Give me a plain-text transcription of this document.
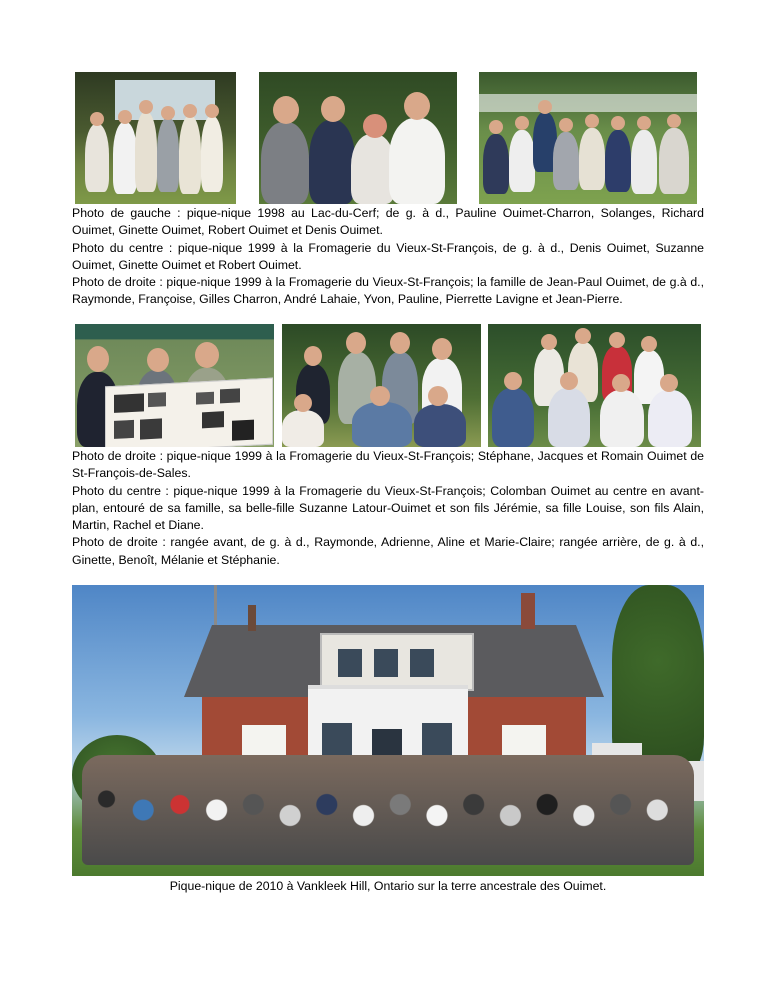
Photo de gauche : pique-nique 1998 au Lac-du-Cerf; de g. à d., Pauline Ouimet-Charron, Solanges, Richard Ouimet, Ginette Ouimet, Robert Ouimet et Denis Ouimet.

Photo du centre : pique-nique 1999 à la Fromagerie du Vieux-St-François, de g. à d., Denis Ouimet, Suzanne Ouimet, Ginette Ouimet et Robert Ouimet.

Photo de droite : pique-nique 1999 à la Fromagerie du Vieux-St-François; la famille de Jean-Paul Ouimet, de g.à d., Raymonde, Françoise, Gilles Charron, André Lahaie, Yvon, Pauline, Pierrette Lavigne et Jean-Pierre.

Photo de droite : pique-nique 1999 à la Fromagerie du Vieux-St-François; Stéphane, Jacques et Romain Ouimet de St-François-de-Sales.

Photo du centre : pique-nique 1999 à la Fromagerie du Vieux-St-François; Colomban Ouimet au centre en avant-plan, entouré de sa famille, sa belle-fille Suzanne Latour-Ouimet et son fils Jérémie, sa fille Louise, son fils Alain, Martin, Rachel et Diane.

Photo de droite : rangée avant, de g. à d., Raymonde, Adrienne, Aline et Marie-Claire; rangée arrière, de g. à d., Ginette, Benoît, Mélanie et Stéphanie.

Pique-nique de 2010 à Vankleek Hill, Ontario sur la terre ancestrale des Ouimet.
